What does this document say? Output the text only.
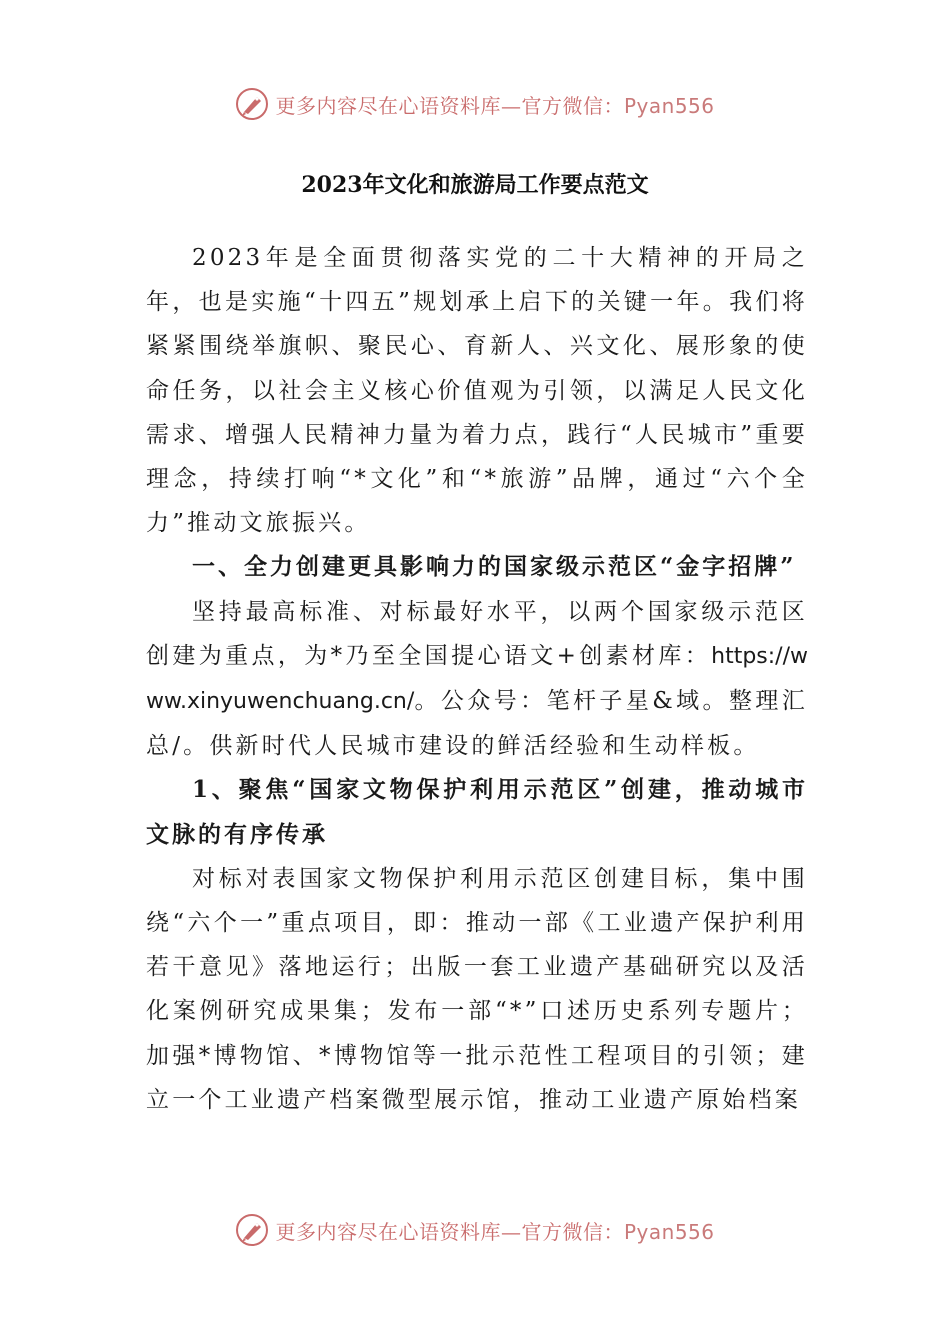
更多内容尽在心语资料库—官方微信：Pyan556
2023年文化和旅游局工作要点范文

2023年是全面贯彻落实党的二十大精神的开局之年，也是实施“十四五”规划承上启下的关键一年。我们将紧紧围绕举旗帜、聚民心、育新人、兴文化、展形象的使命任务，以社会主义核心价值观为引领，以满足人民文化需求、增强人民精神力量为着力点，践行“人民城市”重要理念，持续打响“*文化”和“*旅游”品牌，通过“六个全力”推动文旅振兴。

一、全力创建更具影响力的国家级示范区“金字招牌”

坚持最高标准、对标最好水平，以两个国家级示范区创建为重点，为*乃至全国提心语文+创素材库：https://www.xinyuwenchuang.cn/。公众号：笔杆子星&域。整理汇总/。供新时代人民城市建设的鲜活经验和生动样板。

1、聚焦“国家文物保护利用示范区”创建，推动城市文脉的有序传承

对标对表国家文物保护利用示范区创建目标，集中围绕“六个一”重点项目，即：推动一部《工业遗产保护利用若干意见》落地运行；出版一套工业遗产基础研究以及活化案例研究成果集；发布一部“*”口述历史系列专题片；加强*博物馆、*博物馆等一批示范性工程项目的引领；建立一个工业遗产档案微型展示馆，推动工业遗产原始档案

更多内容尽在心语资料库—官方微信：Pyan556
